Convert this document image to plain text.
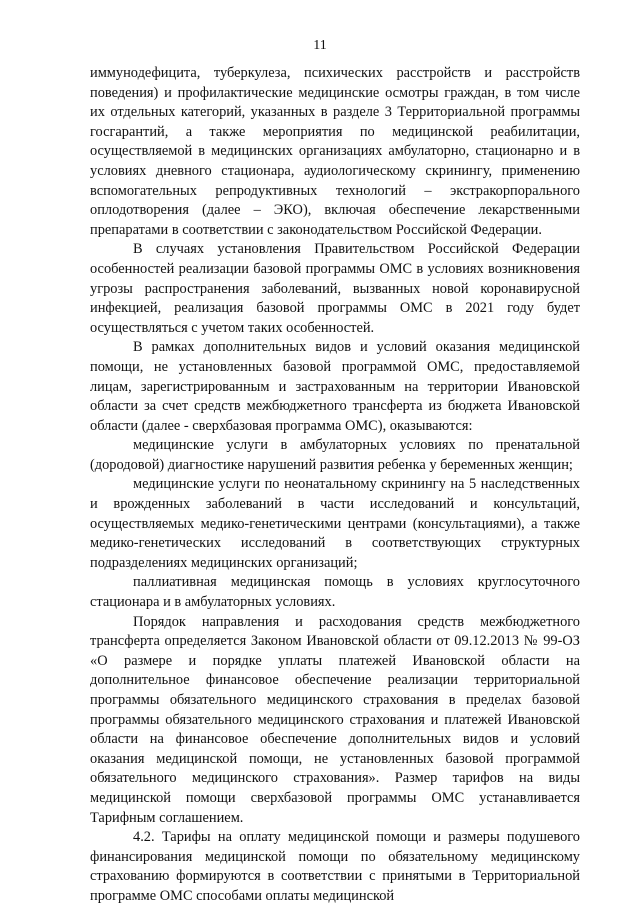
11

иммунодефицита, туберкулеза, психических расстройств и расстройств поведения) и профилактические медицинские осмотры граждан, в том числе их отдельных категорий, указанных в разделе 3 Территориальной программы госгарантий, а также мероприятия по медицинской реабилитации, осуществляемой в медицинских организациях амбулаторно, стационарно и в условиях дневного стационара, аудиологическому скринингу, применению вспомогательных репродуктивных технологий – экстракорпорального оплодотворения (далее – ЭКО), включая обеспечение лекарственными препаратами в соответствии с законодательством Российской Федерации.

В случаях установления Правительством Российской Федерации особенностей реализации базовой программы ОМС в условиях возникновения угрозы распространения заболеваний, вызванных новой коронавирусной инфекцией, реализация базовой программы ОМС в 2021 году будет осуществляться с учетом таких особенностей.

В рамках дополнительных видов и условий оказания медицинской помощи, не установленных базовой программой ОМС, предоставляемой лицам, зарегистрированным и застрахованным на территории Ивановской области за счет средств межбюджетного трансферта из бюджета Ивановской области (далее - сверхбазовая программа ОМС), оказываются:

медицинские услуги в амбулаторных условиях по пренатальной (дородовой) диагностике нарушений развития ребенка у беременных женщин;

медицинские услуги по неонатальному скринингу на 5 наследственных и врожденных заболеваний в части исследований и консультаций, осуществляемых медико-генетическими центрами (консультациями), а также медико-генетических исследований в соответствующих структурных подразделениях медицинских организаций;

паллиативная медицинская помощь в условиях круглосуточного стационара и в амбулаторных условиях.

Порядок направления и расходования средств межбюджетного трансферта определяется Законом Ивановской области от 09.12.2013 № 99-ОЗ «О размере и порядке уплаты платежей Ивановской области на дополнительное финансовое обеспечение реализации территориальной программы обязательного медицинского страхования в пределах базовой программы обязательного медицинского страхования и платежей Ивановской области на финансовое обеспечение дополнительных видов и условий оказания медицинской помощи, не установленных базовой программой обязательного медицинского страхования». Размер тарифов на виды медицинской помощи сверхбазовой программы ОМС устанавливается Тарифным соглашением.

4.2. Тарифы на оплату медицинской помощи и размеры подушевого финансирования медицинской помощи по обязательному медицинскому страхованию формируются в соответствии с принятыми в Территориальной программе ОМС способами оплаты медицинской
